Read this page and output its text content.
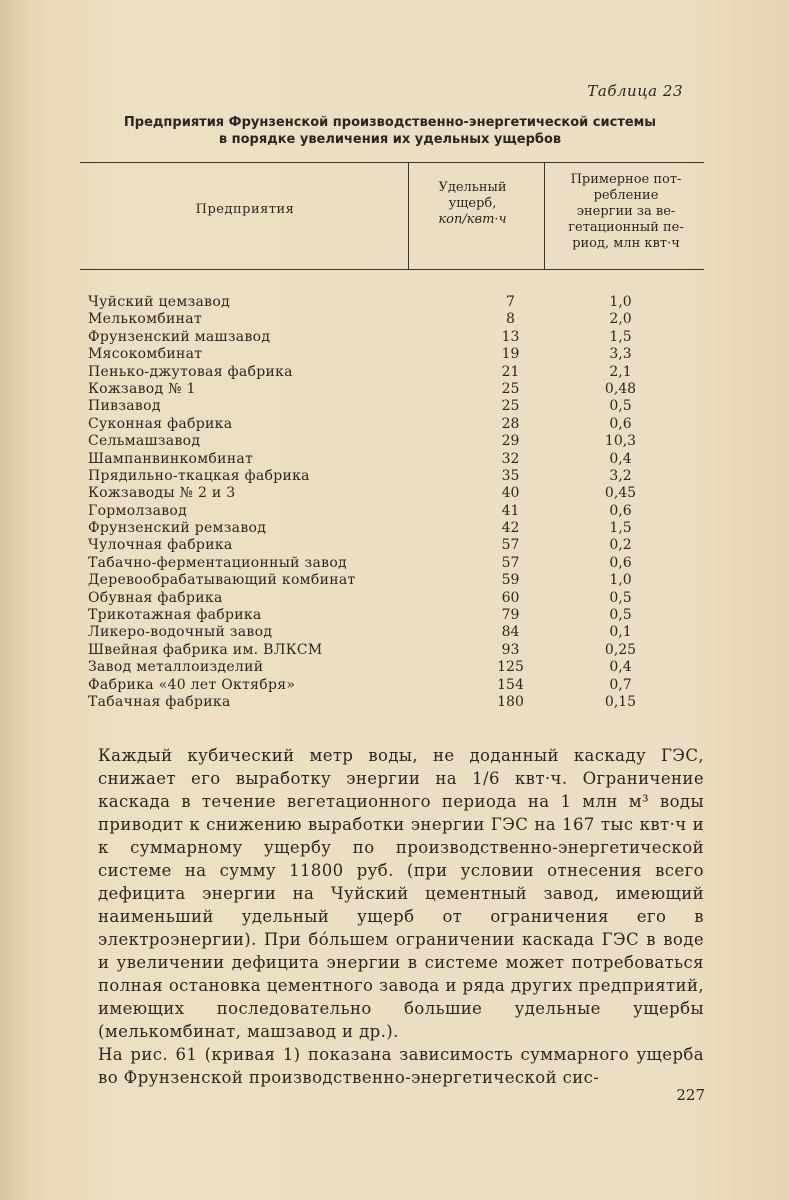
Таблица 23
Предприятия Фрунзенской производственно-энергетической системы
в порядке увеличения их удельных ущербов
Предприятия
Удельный
ущерб,
коп/квт·ч
Примерное пот-
ребление
энергии за ве-
гетационный пе-
риод, млн квт·ч
Чуйский цемзавод	7	1,0
Мелькомбинат	8	2,0
Фрунзенский машзавод	13	1,5
Мясокомбинат	19	3,3
Пенько-джутовая фабрика	21	2,1
Кожзавод № 1	25	0,48
Пивзавод	25	0,5
Суконная фабрика	28	0,6
Сельмашзавод	29	10,3
Шампанвинкомбинат	32	0,4
Прядильно-ткацкая фабрика	35	3,2
Кожзаводы № 2 и 3	40	0,45
Гормолзавод	41	0,6
Фрунзенский ремзавод	42	1,5
Чулочная фабрика	57	0,2
Табачно-ферментационный завод	57	0,6
Деревообрабатывающий комбинат	59	1,0
Обувная фабрика	60	0,5
Трикотажная фабрика	79	0,5
Ликеро-водочный завод	84	0,1
Швейная фабрика им. ВЛКСМ	93	0,25
Завод металлоизделий	125	0,4
Фабрика «40 лет Октября»	154	0,7
Табачная фабрика	180	0,15

Каждый кубический метр воды, не доданный каскаду ГЭС, снижает его выработку энергии на 1/6 квт·ч. Ограничение каскада в течение вегетационного периода на 1 млн м³ воды приводит к снижению выработки энергии ГЭС на 167 тыс квт·ч и к суммарному ущербу по производственно-энергетической системе на сумму 11800 руб. (при условии отнесения всего дефицита энергии на Чуйский цементный завод, имеющий наименьший удельный ущерб от ограничения его в электроэнергии). При бо́льшем ограничении каскада ГЭС в воде и увеличении дефицита энергии в системе может потребоваться полная остановка цементного завода и ряда других предприятий, имеющих последовательно большие удельные ущербы (мелькомбинат, машзавод и др.).

На рис. 61 (кривая 1) показана зависимость суммарного ущерба во Фрунзенской производственно-энергетической сис-

227
